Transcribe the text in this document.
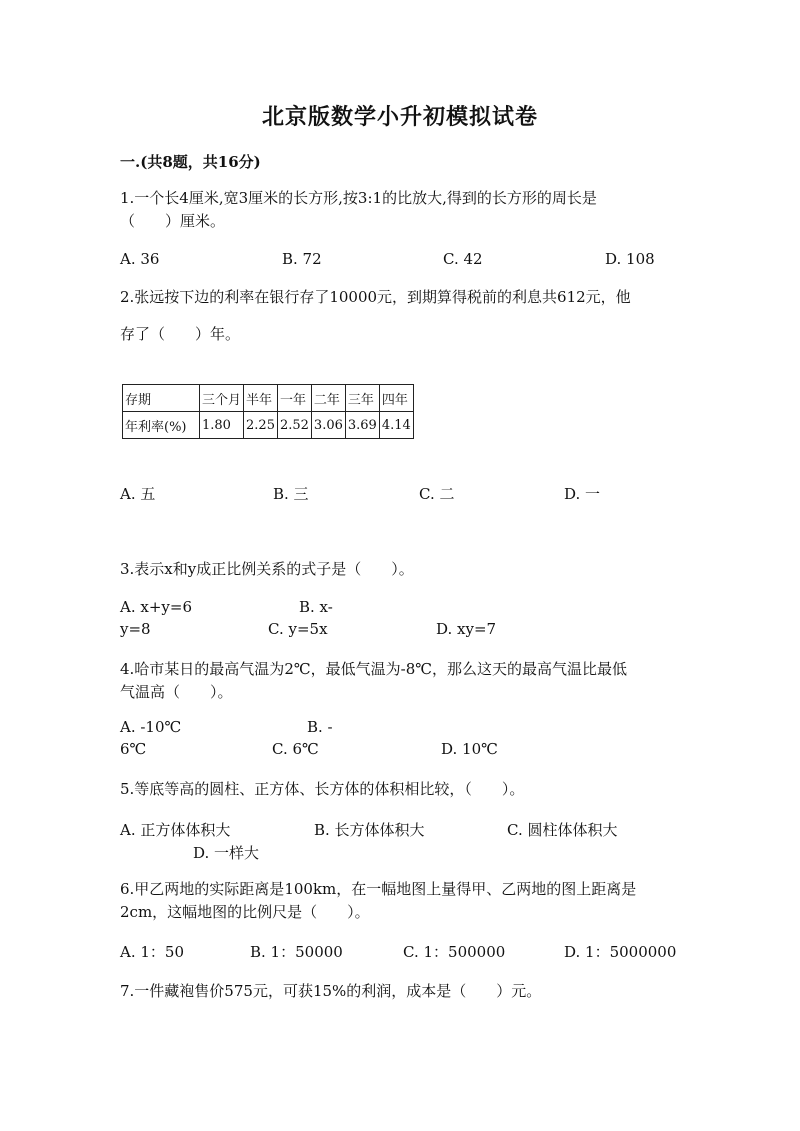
北京版数学小升初模拟试卷
一.(共8题，共16分)
1.一个长4厘米,宽3厘米的长方形,按3:1的比放大,得到的长方形的周长是
（　　）厘米。
A. 36	B. 72	C. 42	D. 108
2.张远按下边的利率在银行存了10000元，到期算得税前的利息共612元，他
存了（　　）年。
存期	三个月	半年	一年	二年	三年	四年
年利率(%)	1.80	2.25	2.52	3.06	3.69	4.14
A. 五	B. 三	C. 二	D. 一
3.表示x和y成正比例关系的式子是（　　）。
A. x+y=6	B. x-
y=8	C. y=5x	D. xy=7
4.哈市某日的最高气温为2℃，最低气温为-8℃，那么这天的最高气温比最低
气温高（　　）。
A. -10℃	B. -
6℃	C. 6℃	D. 10℃
5.等底等高的圆柱、正方体、长方体的体积相比较，（　　）。
A. 正方体体积大	B. 长方体体积大	C. 圆柱体体积大
D. 一样大
6.甲乙两地的实际距离是100km，在一幅地图上量得甲、乙两地的图上距离是
2cm，这幅地图的比例尺是（　　）。
A. 1：50	B. 1：50000	C. 1：500000	D. 1：5000000
7.一件藏袍售价575元，可获15%的利润，成本是（　　）元。
